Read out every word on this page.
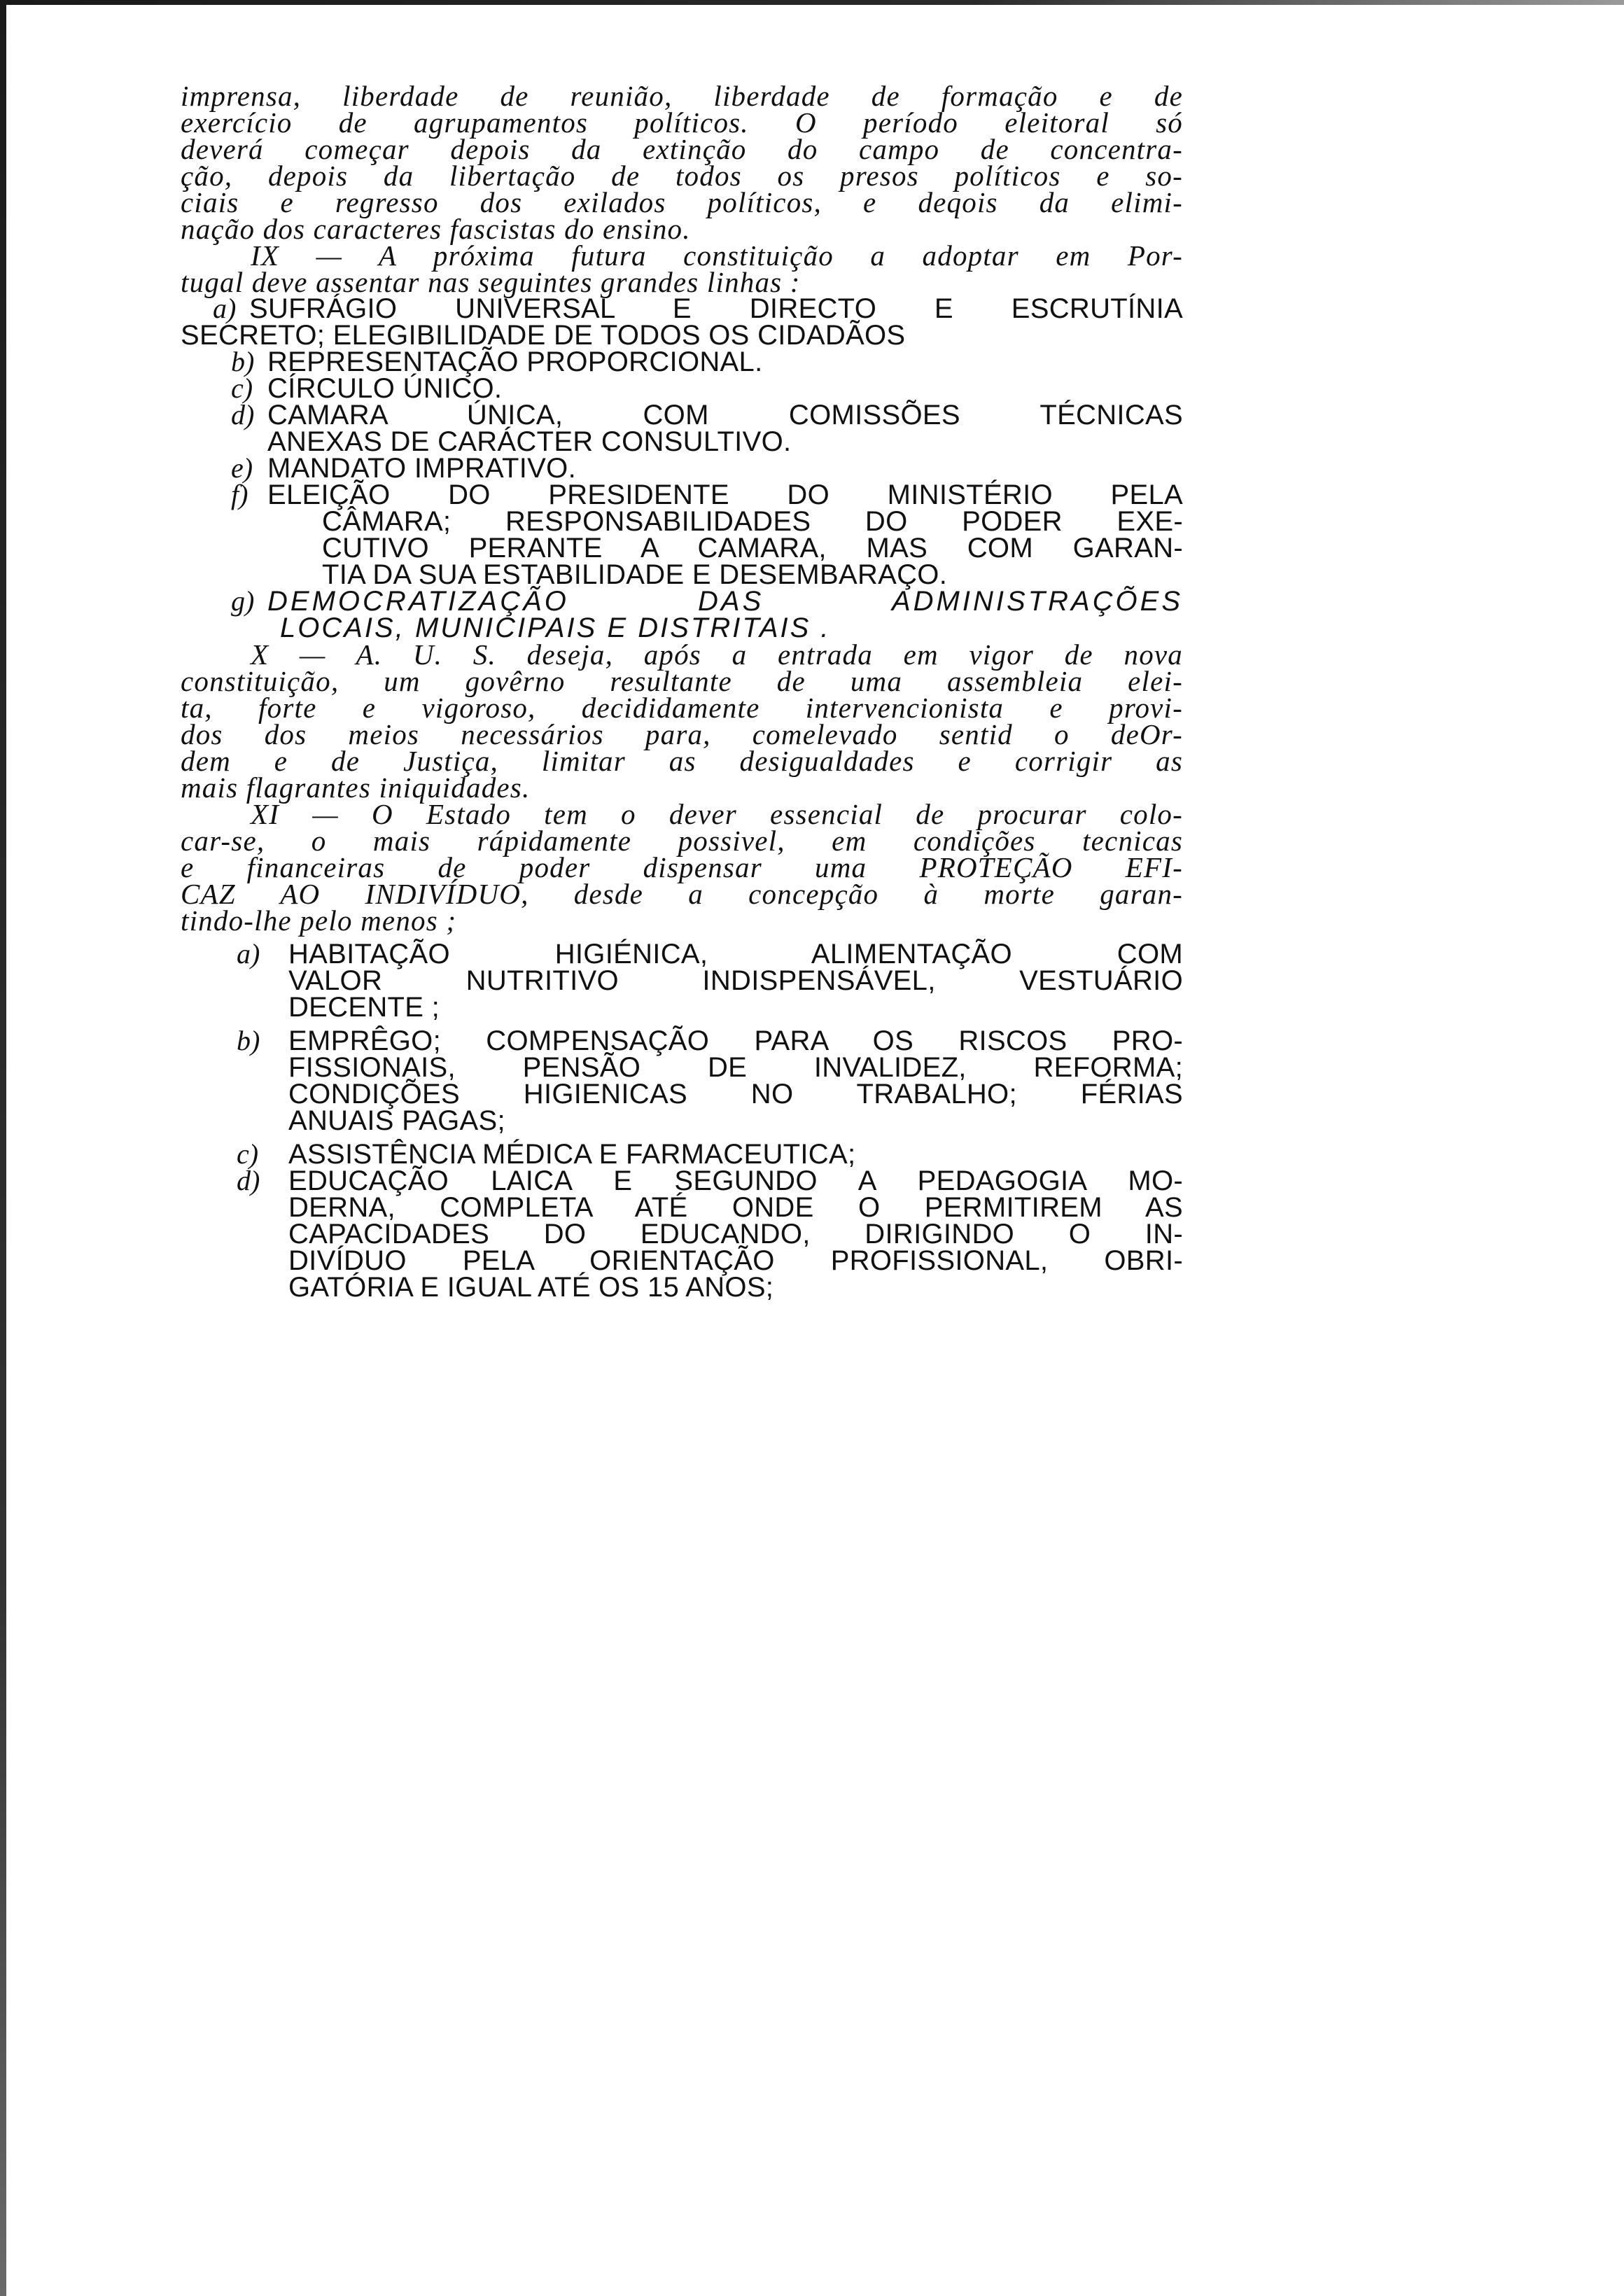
imprensa, liberdade de reunião, liberdade de formação e de
exercício de agrupamentos políticos. O período eleitoral só
deverá começar depois da extinção do campo de concentra-
ção, depois da libertação de todos os presos políticos e so-
ciais e regresso dos exilados políticos, e deqois da elimi-
nação dos caracteres fascistas do ensino.
IX — A próxima futura constituição a adoptar em Por-
tugal deve assentar nas seguintes grandes linhas :
a) SUFRÁGIO UNIVERSAL E DIRECTO E ESCRUTÍNIA
SECRETO; ELEGIBILIDADE DE TODOS OS CIDADÃOS
b) REPRESENTAÇÃO PROPORCIONAL.
c) CÍRCULO ÚNICO.
d) CAMARA ÚNICA, COM COMISSÕES TÉCNICAS
ANEXAS DE CARÁCTER CONSULTIVO.
e) MANDATO IMPRATIVO.
f) ELEIÇÃO DO PRESIDENTE DO MINISTÉRIO PELA
CÂMARA; RESPONSABILIDADES DO PODER EXE-
CUTIVO PERANTE A CAMARA, MAS COM GARAN-
TIA DA SUA ESTABILIDADE E DESEMBARAÇO.
g) DEMOCRATIZAÇÃO DAS ADMINISTRAÇÕES
LOCAIS, MUNICIPAIS E DISTRITAIS .
X — A. U. S. deseja, após a entrada em vigor de nova
constituição, um govêrno resultante de uma assembleia elei-
ta, forte e vigoroso, decididamente intervencionista e provi-
dos dos meios necessários para, comelevado sentid o deOr-
dem e de Justiça, limitar as desigualdades e corrigir as
mais flagrantes iniquidades.
XI — O Estado tem o dever essencial de procurar colo-
car-se, o mais rápidamente possivel, em condições tecnicas
e financeiras de poder dispensar uma PROTEÇÃO EFI-
CAZ AO INDIVÍDUO, desde a concepção à morte garan-
tindo-lhe pelo menos ;
a)	HABITAÇÃO HIGIÉNICA, ALIMENTAÇÃO COM
VALOR NUTRITIVO INDISPENSÁVEL, VESTUÁRIO
DECENTE ;
b)	EMPRÊGO; COMPENSAÇÃO PARA OS RISCOS PRO-
FISSIONAIS, PENSÃO DE INVALIDEZ, REFORMA;
CONDIÇÕES HIGIENICAS NO TRABALHO; FÉRIAS
ANUAIS PAGAS;
c)	ASSISTÊNCIA MÉDICA E FARMACEUTICA;
d)	EDUCAÇÃO LAICA E SEGUNDO A PEDAGOGIA MO-
DERNA, COMPLETA ATÉ ONDE O PERMITIREM AS
CAPACIDADES DO EDUCANDO, DIRIGINDO O IN-
DIVÍDUO PELA ORIENTAÇÃO PROFISSIONAL, OBRI-
GATÓRIA E IGUAL ATÉ OS 15 ANOS;
